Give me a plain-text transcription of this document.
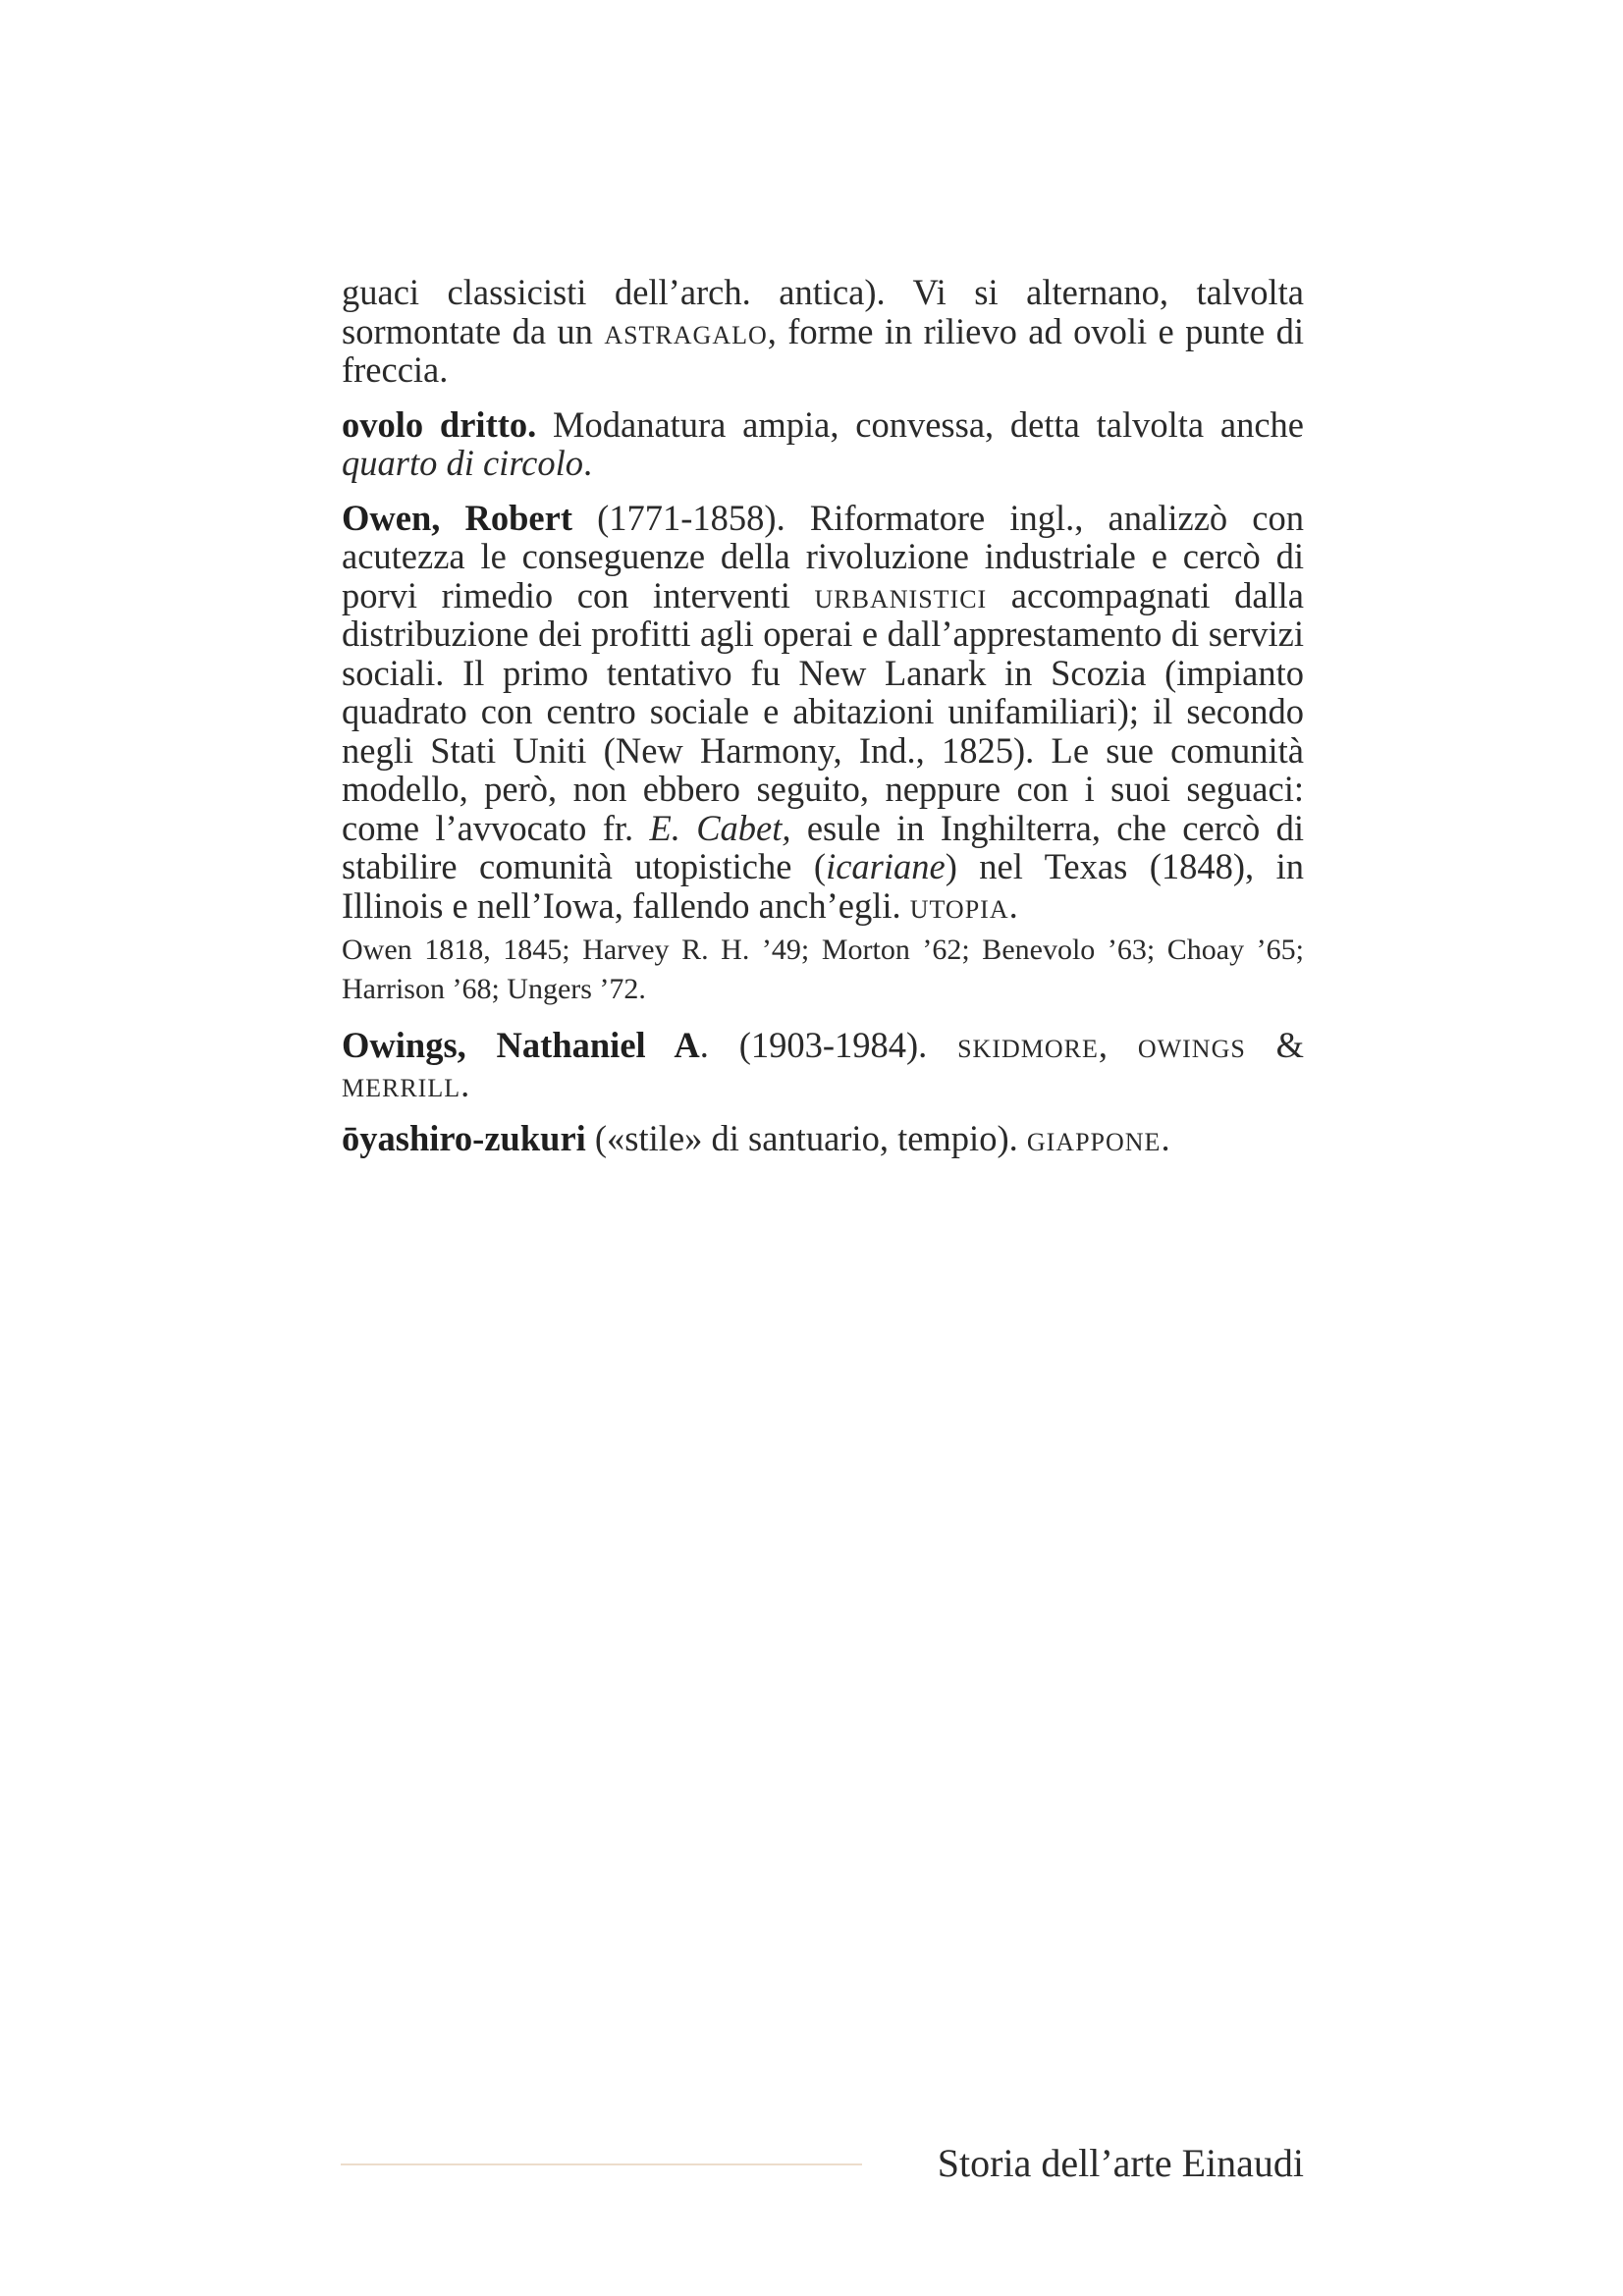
guaci classicisti dell’arch. antica). Vi si alternano, talvolta sormontate da un astragalo, forme in rilievo ad ovoli e punte di freccia.

ovolo dritto. Modanatura ampia, convessa, detta talvolta anche quarto di circolo.

Owen, Robert (1771-1858). Riformatore ingl., analizzò con acutezza le conseguenze della rivoluzione industriale e cercò di porvi rimedio con interventi urbanistici accompagnati dalla distribuzione dei profitti agli operai e dall’apprestamento di servizi sociali. Il primo tentativo fu New Lanark in Scozia (impianto quadrato con centro sociale e abitazioni unifamiliari); il secondo negli Stati Uniti (New Harmony, Ind., 1825). Le sue comunità modello, però, non ebbero seguito, neppure con i suoi seguaci: come l’avvocato fr. E. Cabet, esule in Inghilterra, che cercò di stabilire comunità utopistiche (icariane) nel Texas (1848), in Illinois e nell’Iowa, fallendo anch’egli. utopia.

Owen 1818, 1845; Harvey R. H. ’49; Morton ’62; Benevolo ’63; Choay ’65; Harrison ’68; Ungers ’72.

Owings, Nathaniel A. (1903-1984). skidmore, owings & merrill.

ōyashiro-zukuri («stile» di santuario, tempio). giappone.

Storia dell’arte Einaudi
